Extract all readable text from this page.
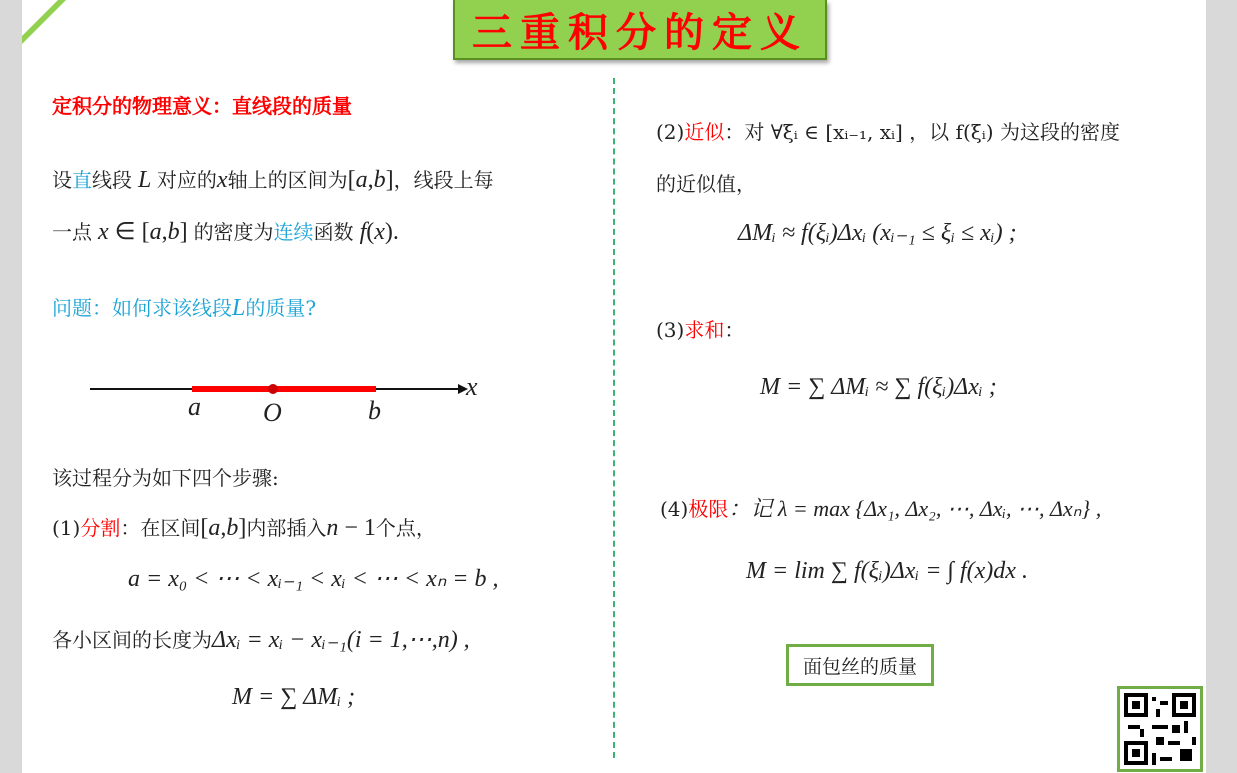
三重积分的定义
定积分的物理意义：直线段的质量
设直线段 L 对应的x轴上的区间为[a,b]，线段上每
一点 x ∈ [a,b] 的密度为连续函数 f(x).
问题：如何求该线段L的质量?
x
a O	b
该过程分为如下四个步骤:
(1)分割：在区间[a,b]内部插入n − 1个点，
a = x₀ < ⋯ < xᵢ₋₁ < xᵢ < ⋯ < xₙ = b ,
各小区间的长度为Δxᵢ = xᵢ − xᵢ₋₁(i = 1,⋯,n) ,
M = ∑ ΔMᵢ ;
(2)近似：对 ∀ξᵢ ∈ [xᵢ₋₁, xᵢ] ，以 f(ξᵢ) 为这段的密度
的近似值，
ΔMᵢ ≈ f(ξᵢ)Δxᵢ (xᵢ₋₁ ≤ ξᵢ ≤ xᵢ) ;
(3)求和：
M = ∑ ΔMᵢ ≈ ∑ f(ξᵢ)Δxᵢ ;
(4)极限：记 λ = max {Δx₁, Δx₂, ⋯, Δxᵢ, ⋯, Δxₙ} ,
M = lim ∑ f(ξᵢ)Δxᵢ = ∫ f(x)dx .
面包丝的质量
